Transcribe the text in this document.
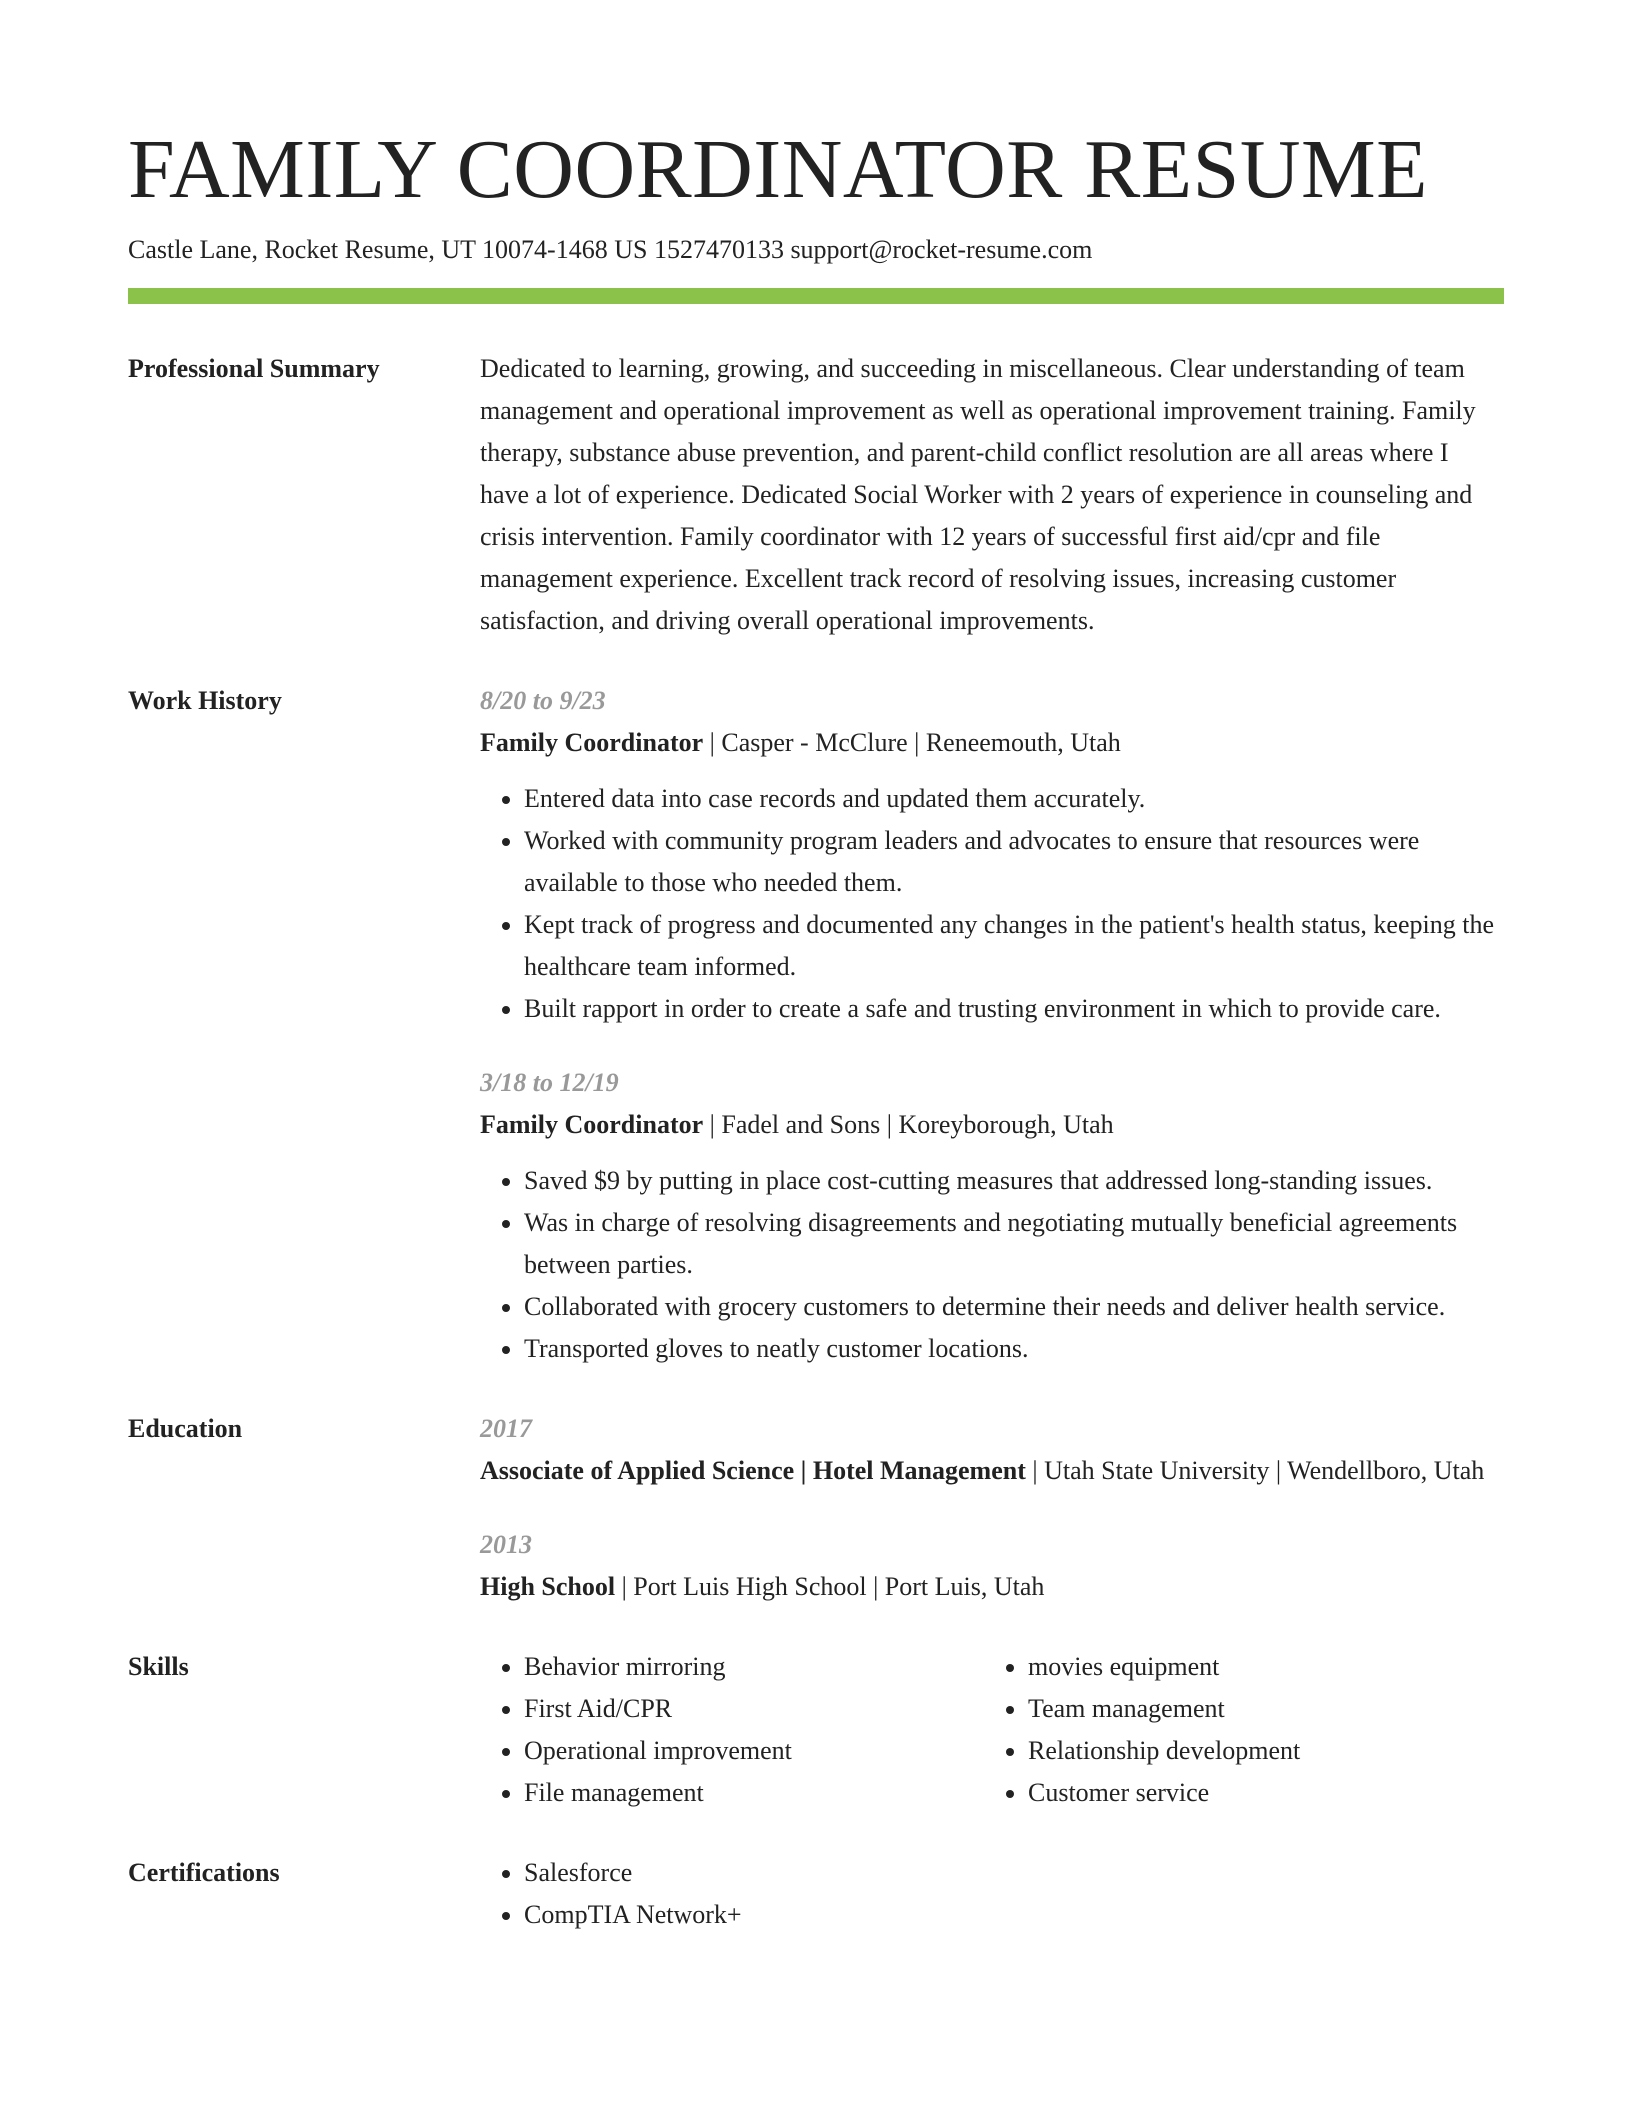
FAMILY COORDINATOR RESUME
Castle Lane, Rocket Resume, UT 10074-1468 US 1527470133 support@rocket-resume.com
Professional Summary	Dedicated to learning, growing, and succeeding in miscellaneous. Clear understanding of team management and operational improvement as well as operational improvement training. Family therapy, substance abuse prevention, and parent-child conflict resolution are all areas where I have a lot of experience. Dedicated Social Worker with 2 years of experience in counseling and crisis intervention. Family coordinator with 12 years of successful first aid/cpr and file management experience. Excellent track record of resolving issues, increasing customer satisfaction, and driving overall operational improvements.

Work History	8/20 to 9/23
Family Coordinator | Casper - McClure | Reneemouth, Utah
• Entered data into case records and updated them accurately.
• Worked with community program leaders and advocates to ensure that resources were available to those who needed them.
• Kept track of progress and documented any changes in the patient's health status, keeping the healthcare team informed.
• Built rapport in order to create a safe and trusting environment in which to provide care.
3/18 to 12/19
Family Coordinator | Fadel and Sons | Koreyborough, Utah
• Saved $9 by putting in place cost-cutting measures that addressed long-standing issues.
• Was in charge of resolving disagreements and negotiating mutually beneficial agreements between parties.
• Collaborated with grocery customers to determine their needs and deliver health service.
• Transported gloves to neatly customer locations.
Education	2017
Associate of Applied Science | Hotel Management | Utah State University | Wendellboro, Utah
2013
High School | Port Luis High School | Port Luis, Utah
Skills	• Behavior mirroring
• First Aid/CPR
• Operational improvement
• File management
• movies equipment
• Team management
• Relationship development
• Customer service
Certifications	• Salesforce
• CompTIA Network+
